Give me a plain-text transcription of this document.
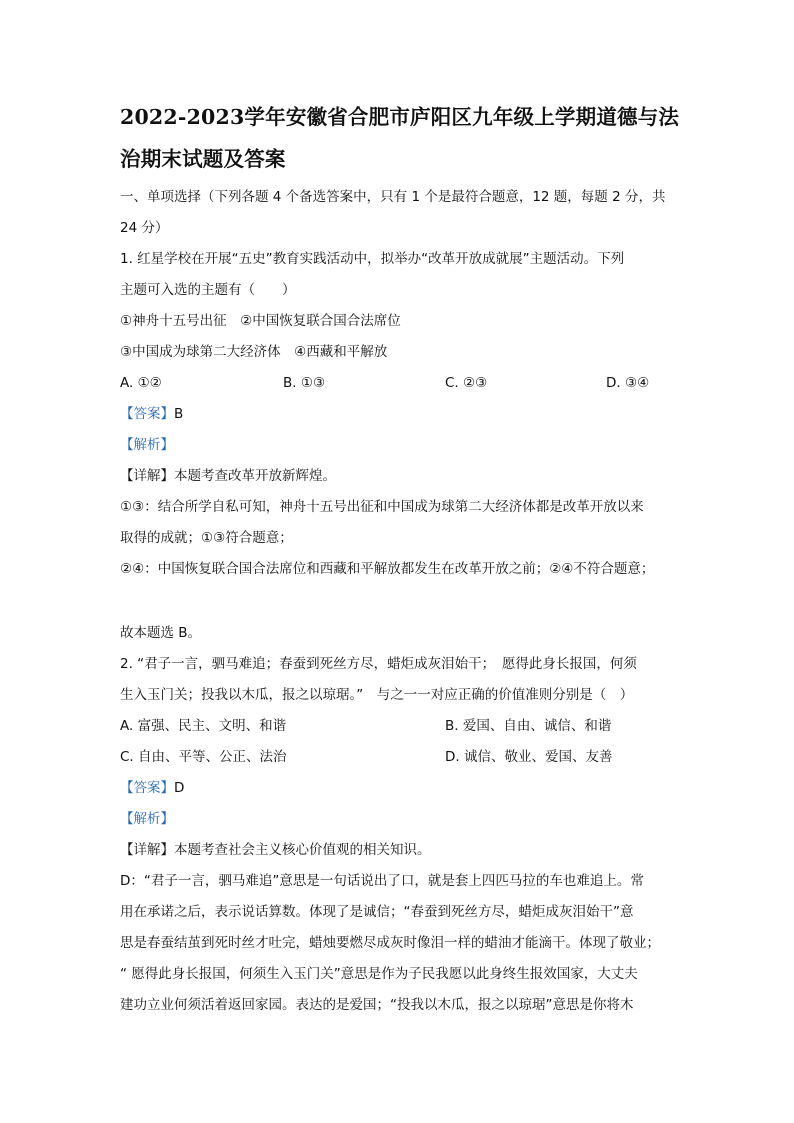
2022-2023学年安徽省合肥市庐阳区九年级上学期道德与法
治期末试题及答案
一、单项选择（下列各题 4 个备选答案中，只有 1 个是最符合题意，12 题，每题 2 分，共
24 分）
1. 红星学校在开展“五史”教育实践活动中，拟举办“改革开放成就展”主题活动。下列
主题可入选的主题有（　　）
①神舟十五号出征　②中国恢复联合国合法席位
③中国成为球第二大经济体　④西藏和平解放
A. ①②	B. ①③	C. ②③	D. ③④
【答案】B
【解析】
【详解】本题考查改革开放新辉煌。
①③：结合所学自私可知，神舟十五号出征和中国成为球第二大经济体都是改革开放以来
取得的成就；①③符合题意；
②④：中国恢复联合国合法席位和西藏和平解放都发生在改革开放之前；②④不符合题意；
故本题选 B。
2. “君子一言，驷马难追；春蚕到死丝方尽，蜡炬成灰泪始干；　愿得此身长报国，何须
生入玉门关；投我以木瓜，报之以琼琚。”　与之一一对应正确的价值准则分别是（　）
A. 富强、民主、文明、和谐	B. 爱国、自由、诚信、和谐
C. 自由、平等、公正、法治	D. 诚信、敬业、爱国、友善
【答案】D
【解析】
【详解】本题考查社会主义核心价值观的相关知识。
D：“君子一言，驷马难追”意思是一句话说出了口，就是套上四匹马拉的车也难追上。常
用在承诺之后，表示说话算数。体现了是诚信；“春蚕到死丝方尽，蜡炬成灰泪始干”意
思是春蚕结茧到死时丝才吐完，蜡烛要燃尽成灰时像泪一样的蜡油才能滴干。体现了敬业；
“ 愿得此身长报国，何须生入玉门关”意思是作为子民我愿以此身终生报效国家，大丈夫
建功立业何须活着返回家园。表达的是爱国；“投我以木瓜，报之以琼琚”意思是你将木
